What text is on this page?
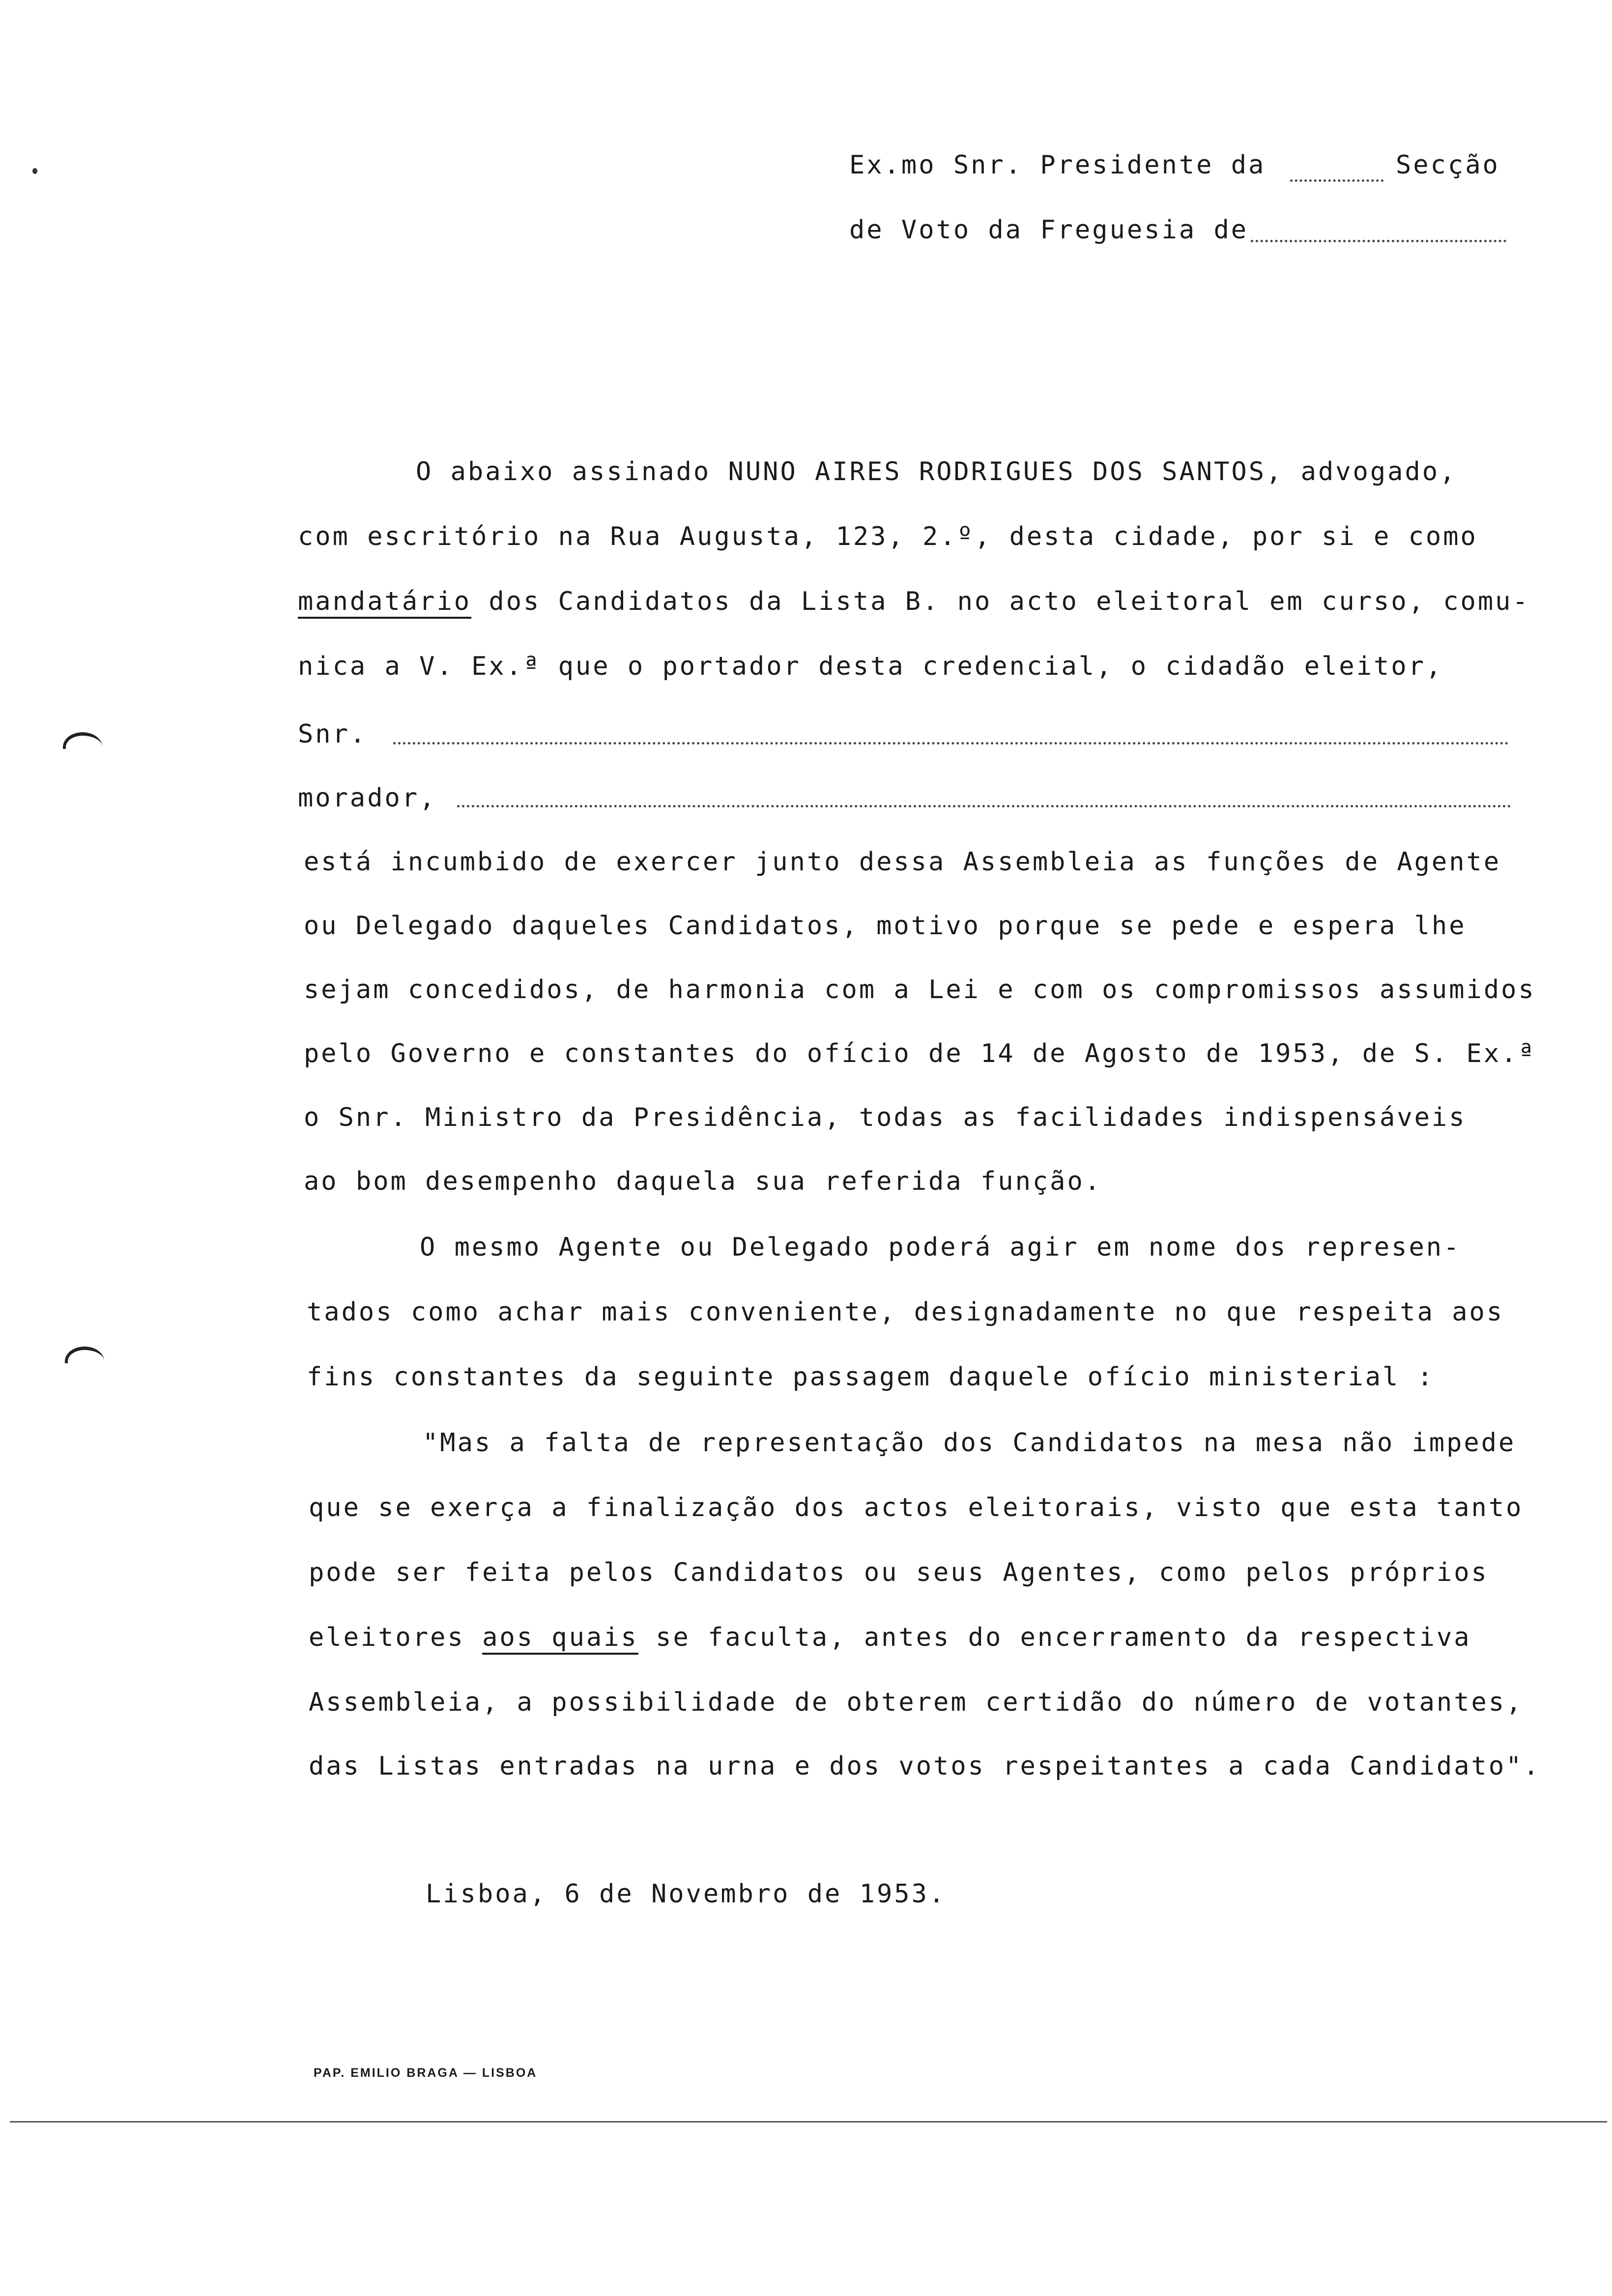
Ex.mo Snr. Presidente da	Secção
de Voto da Freguesia de
O abaixo assinado NUNO AIRES RODRIGUES DOS SANTOS, advogado,
com escritório na Rua Augusta, 123, 2.º, desta cidade, por si e como
mandatário dos Candidatos da Lista B. no acto eleitoral em curso, comu-
nica a V. Ex.ª que o portador desta credencial, o cidadão eleitor,
Snr.
morador,
está incumbido de exercer junto dessa Assembleia as funções de Agente
ou Delegado daqueles Candidatos, motivo porque se pede e espera lhe
sejam concedidos, de harmonia com a Lei e com os compromissos assumidos
pelo Governo e constantes do ofício de 14 de Agosto de 1953, de S. Ex.ª
o Snr. Ministro da Presidência, todas as facilidades indispensáveis
ao bom desempenho daquela sua referida função.
O mesmo Agente ou Delegado poderá agir em nome dos represen-
tados como achar mais conveniente, designadamente no que respeita aos
fins constantes da seguinte passagem daquele ofício ministerial :
"Mas a falta de representação dos Candidatos na mesa não impede
que se exerça a finalização dos actos eleitorais, visto que esta tanto
pode ser feita pelos Candidatos ou seus Agentes, como pelos próprios
eleitores aos quais se faculta, antes do encerramento da respectiva
Assembleia, a possibilidade de obterem certidão do número de votantes,
das Listas entradas na urna e dos votos respeitantes a cada Candidato".
Lisboa, 6 de Novembro de 1953.
PAP. EMILIO BRAGA — LISBOA
